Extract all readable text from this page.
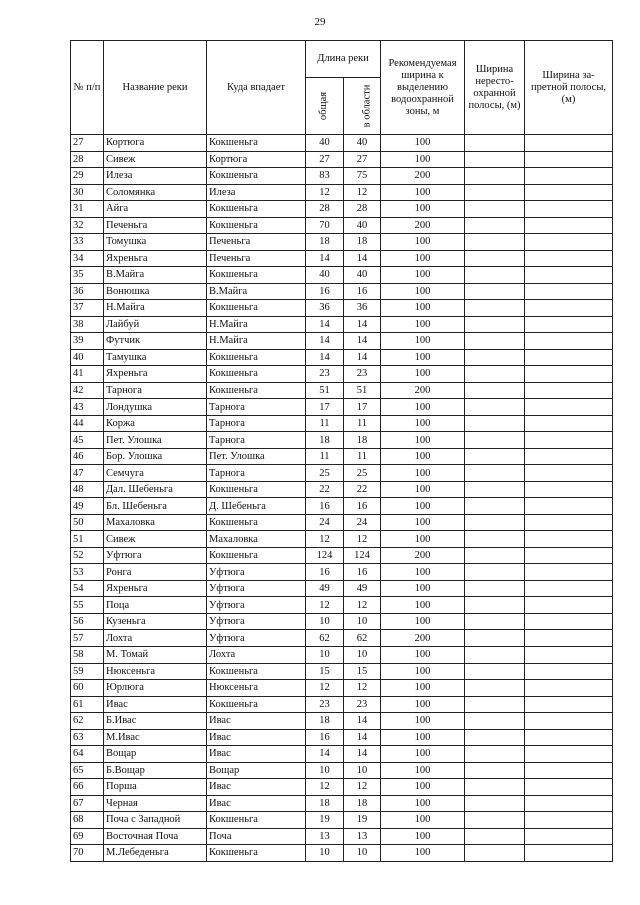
29
№ п/п	Название реки	Куда впадает	Длина реки		Рекомендуемая ширина к выделению водоохранной зоны, м	Ширина нерестоохранной полосы, (м)	Ширина запретной полосы, (м)
			общая	в области			
27	Кортюга	Кокшеньга	40	40	100		
28	Сивеж	Кортюга	27	27	100		
29	Илеза	Кокшеньга	83	75	200		
30	Соломянка	Илеза	12	12	100		
31	Айга	Кокшеньга	28	28	100		
32	Печеньга	Кокшеньга	70	40	200		
33	Томушка	Печеньга	18	18	100		
34	Яхреньга	Печеньга	14	14	100		
35	В.Майга	Кокшеньга	40	40	100		
36	Вонюшка	В.Майга	16	16	100		
37	Н.Майга	Кокшеньга	36	36	100		
38	Лайбуй	Н.Майга	14	14	100		
39	Футчик	Н.Майга	14	14	100		
40	Тамушка	Кокшеньга	14	14	100		
41	Яхреньга	Кокшеньга	23	23	100		
42	Тарнога	Кокшеньга	51	51	200		
43	Лондушка	Тарнога	17	17	100		
44	Коржа	Тарнога	11	11	100		
45	Пет. Улошка	Тарнога	18	18	100		
46	Бор. Улошка	Пет. Улошка	11	11	100		
47	Семчуга	Тарнога	25	25	100		
48	Дал. Шебеньга	Кокшеньга	22	22	100		
49	Бл. Шебеньга	Д. Шебеньга	16	16	100		
50	Махаловка	Кокшеньга	24	24	100		
51	Сивеж	Махаловка	12	12	100		
52	Уфтюга	Кокшеньга	124	124	200		
53	Ронга	Уфтюга	16	16	100		
54	Яхреньга	Уфтюга	49	49	100		
55	Поца	Уфтюга	12	12	100		
56	Кузеньга	Уфтюга	10	10	100		
57	Лохта	Уфтюга	62	62	200		
58	М. Томай	Лохта	10	10	100		
59	Нюксеньга	Кокшеньга	15	15	100		
60	Юрлюга	Нюксеньга	12	12	100		
61	Ивас	Кокшеньга	23	23	100		
62	Б.Ивас	Ивас	18	14	100		
63	М.Ивас	Ивас	16	14	100		
64	Вощар	Ивас	14	14	100		
65	Б.Вощар	Вощар	10	10	100		
66	Порша	Ивас	12	12	100		
67	Черная	Ивас	18	18	100		
68	Поча с Западной	Кокшеньга	19	19	100		
69	Восточная Поча	Поча	13	13	100		
70	М.Лебеденьга	Кокшеньга	10	10	100		
